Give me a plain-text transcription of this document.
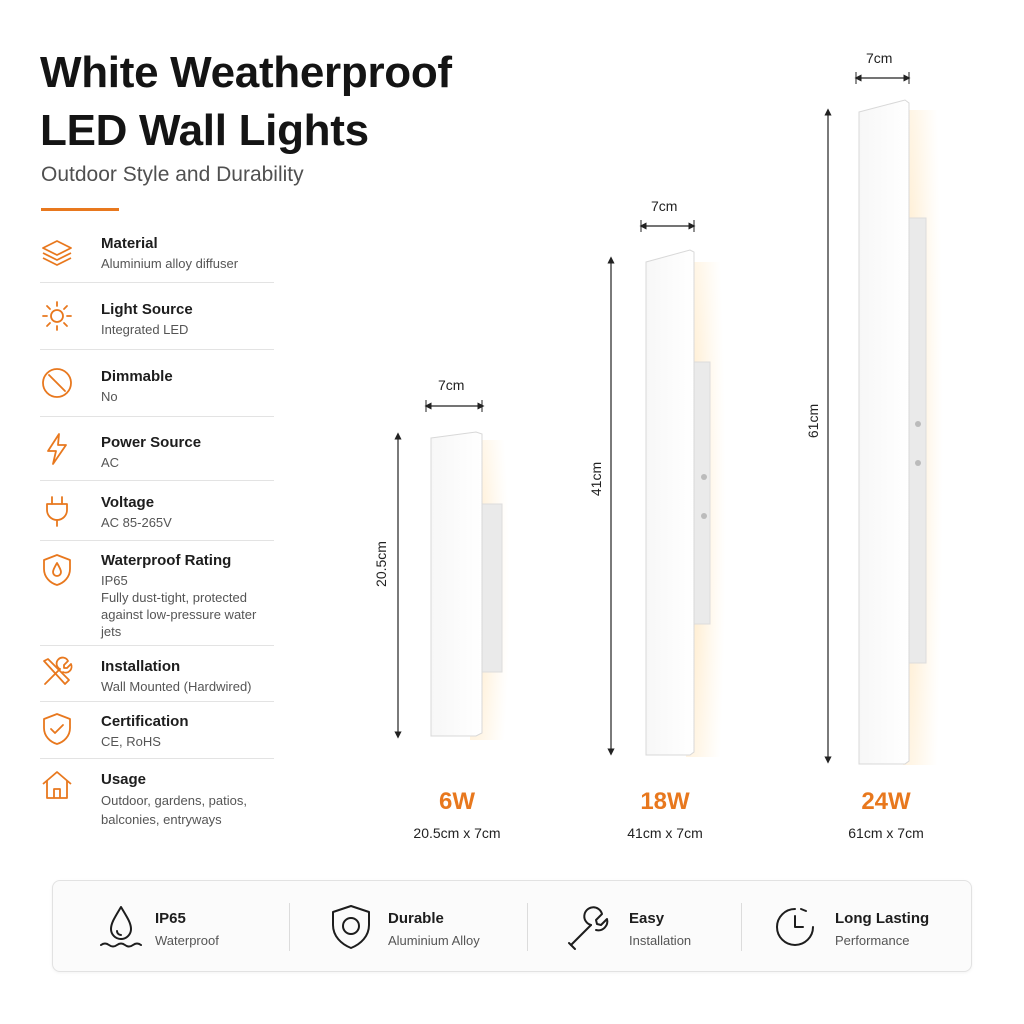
White Weatherproof
LED Wall Lights
Outdoor Style and Durability
Material
Aluminium alloy diffuser
Light Source
Integrated LED
Dimmable
No
Power Source
AC
Voltage
AC 85-265V
Waterproof Rating
IP65
Fully dust-tight, protected against low-pressure water jets
Installation
Wall Mounted (Hardwired)
Certification
CE, RoHS
Usage
Outdoor, gardens, patios, balconies, entryways
7cm
20.5cm
7cm
41cm
7cm
61cm
6W
20.5cm x 7cm
18W
41cm x 7cm
24W
61cm x 7cm
IP65
Waterproof
Durable
Aluminium Alloy
Easy
Installation
Long Lasting
Performance
